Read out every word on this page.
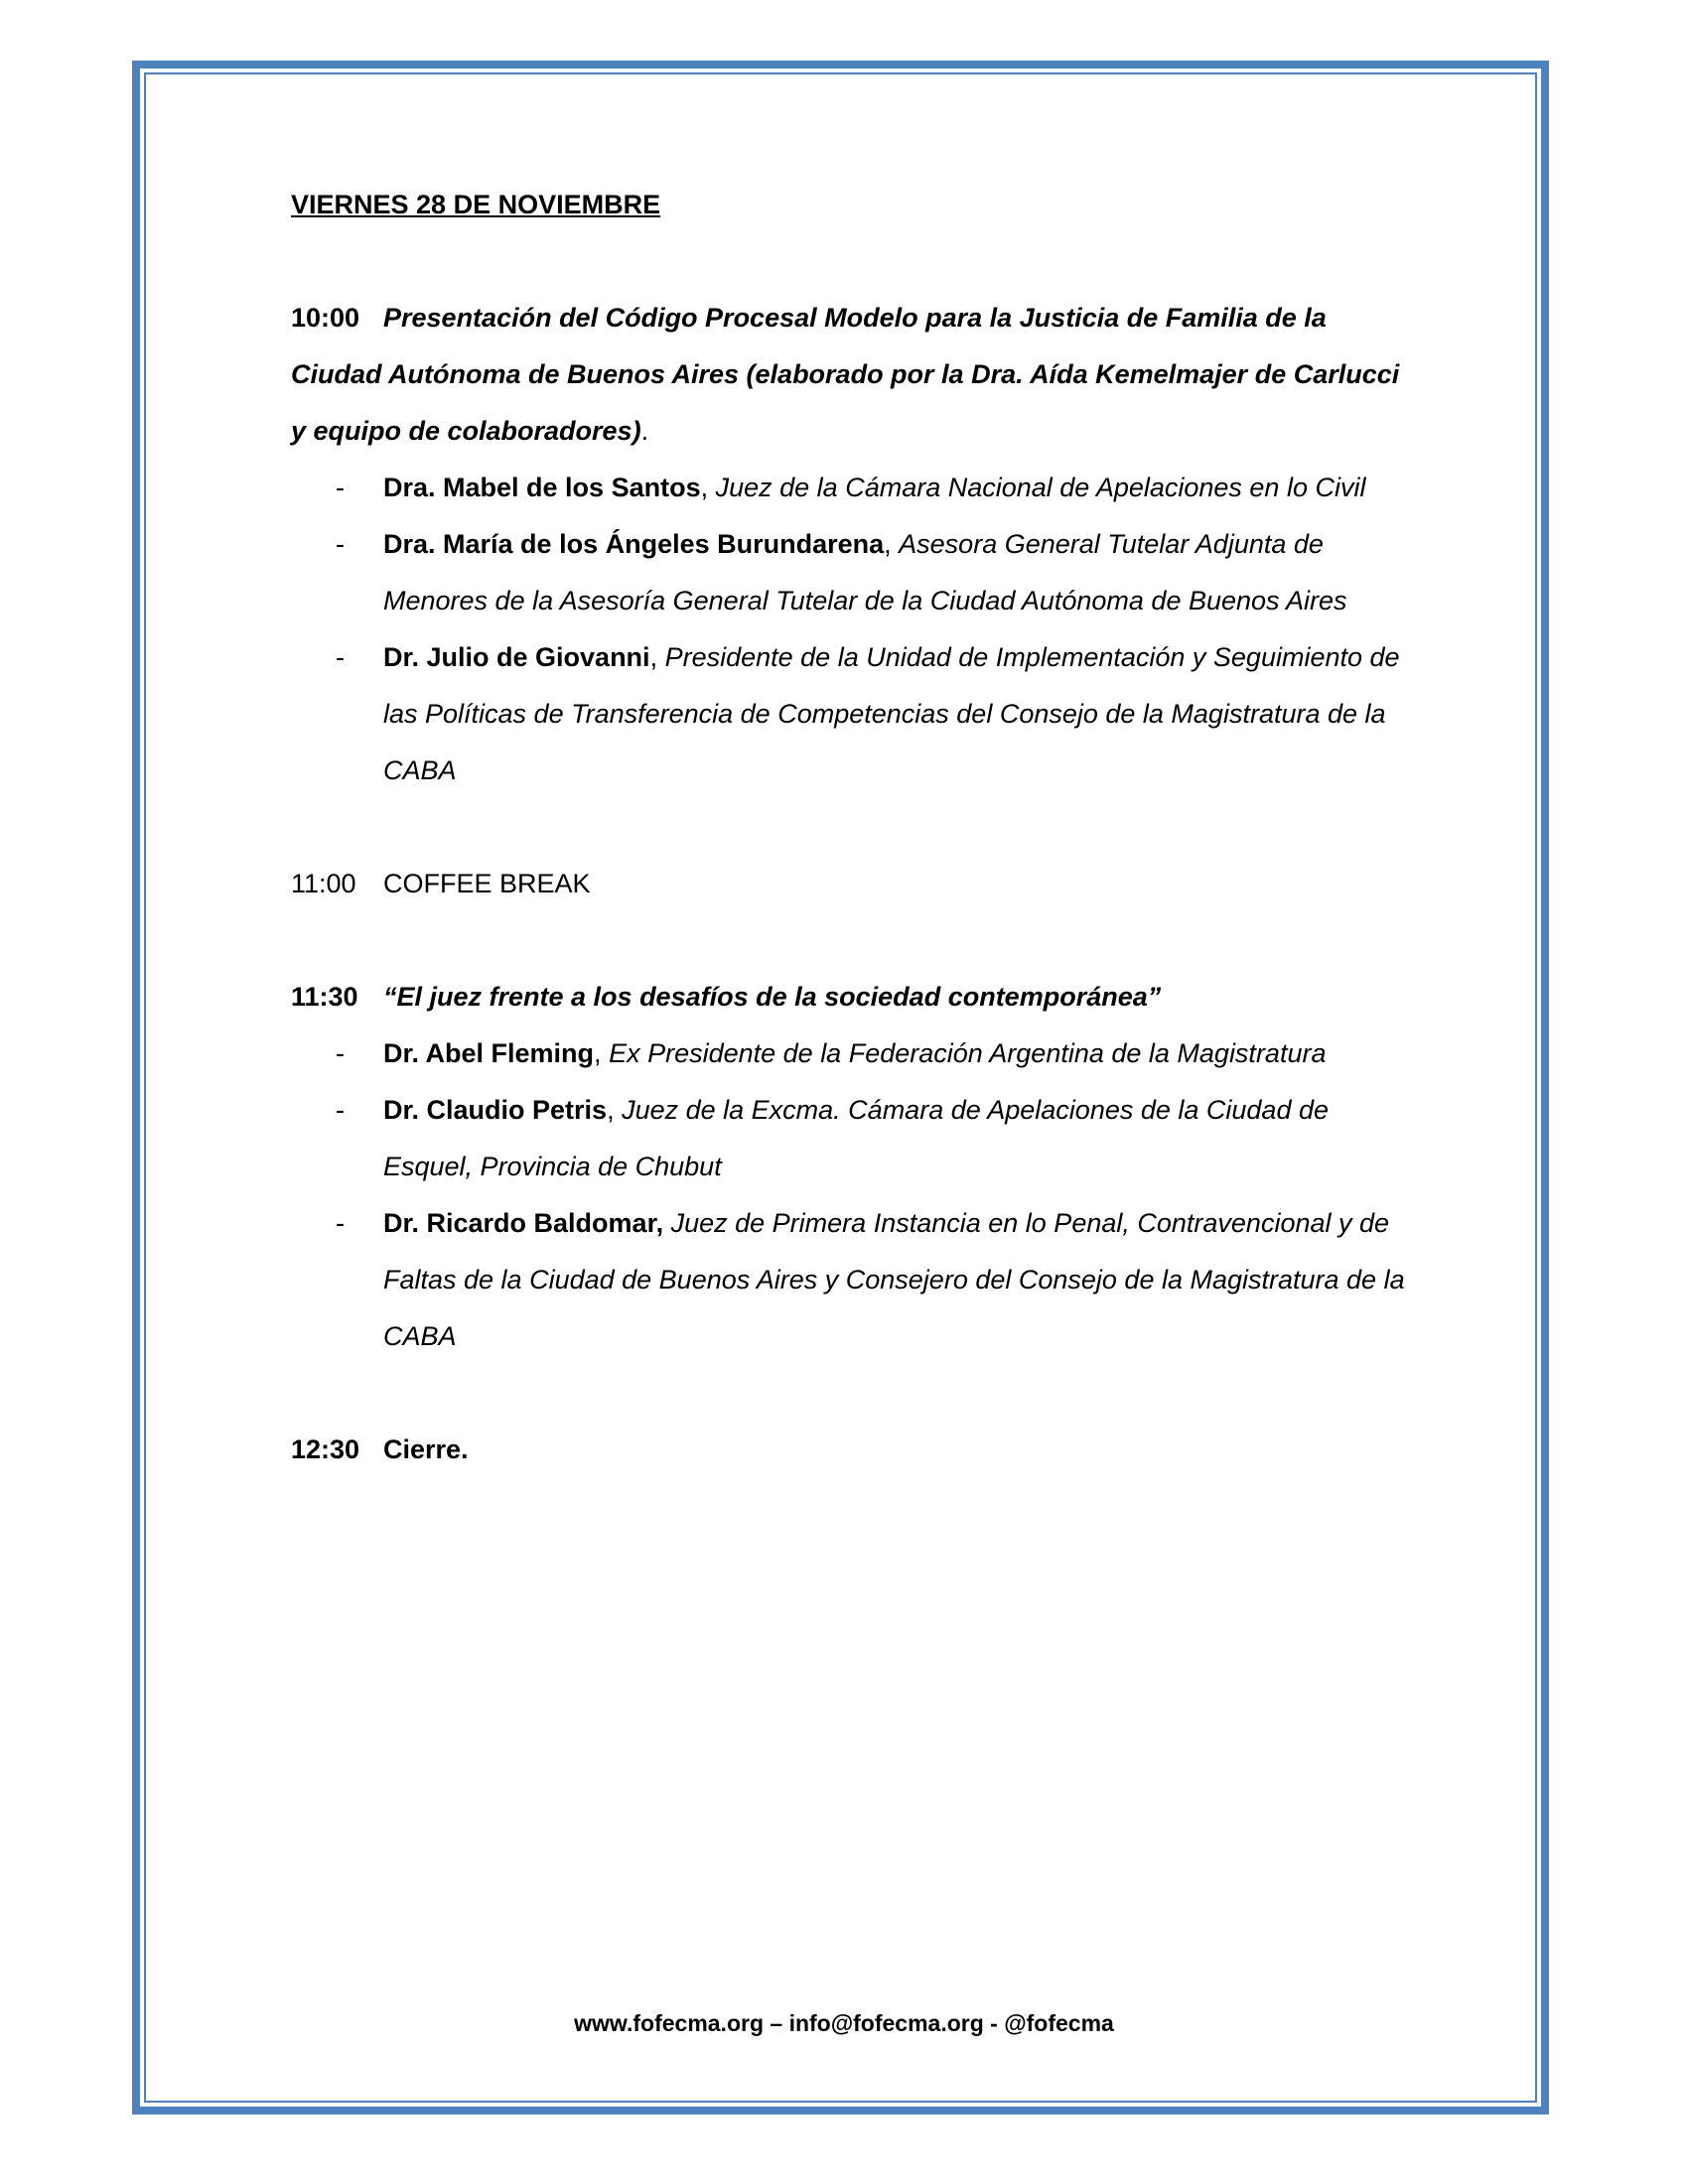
VIERNES 28 DE NOVIEMBRE
10:00 Presentación del Código Procesal Modelo para la Justicia de Familia de la Ciudad Autónoma de Buenos Aires (elaborado por la Dra. Aída Kemelmajer de Carlucci y equipo de colaboradores).
- Dra. Mabel de los Santos, Juez de la Cámara Nacional de Apelaciones en lo Civil
- Dra. María de los Ángeles Burundarena, Asesora General Tutelar Adjunta de Menores de la Asesoría General Tutelar de la Ciudad Autónoma de Buenos Aires
- Dr. Julio de Giovanni, Presidente de la Unidad de Implementación y Seguimiento de las Políticas de Transferencia de Competencias del Consejo de la Magistratura de la CABA
11:00 COFFEE BREAK
11:30 “El juez frente a los desafíos de la sociedad contemporánea”
- Dr. Abel Fleming, Ex Presidente de la Federación Argentina de la Magistratura
- Dr. Claudio Petris, Juez de la Excma. Cámara de Apelaciones de la Ciudad de Esquel, Provincia de Chubut
- Dr. Ricardo Baldomar, Juez de Primera Instancia en lo Penal, Contravencional y de Faltas de la Ciudad de Buenos Aires y Consejero del Consejo de la Magistratura de la CABA
12:30 Cierre.
www.fofecma.org – info@fofecma.org - @fofecma
